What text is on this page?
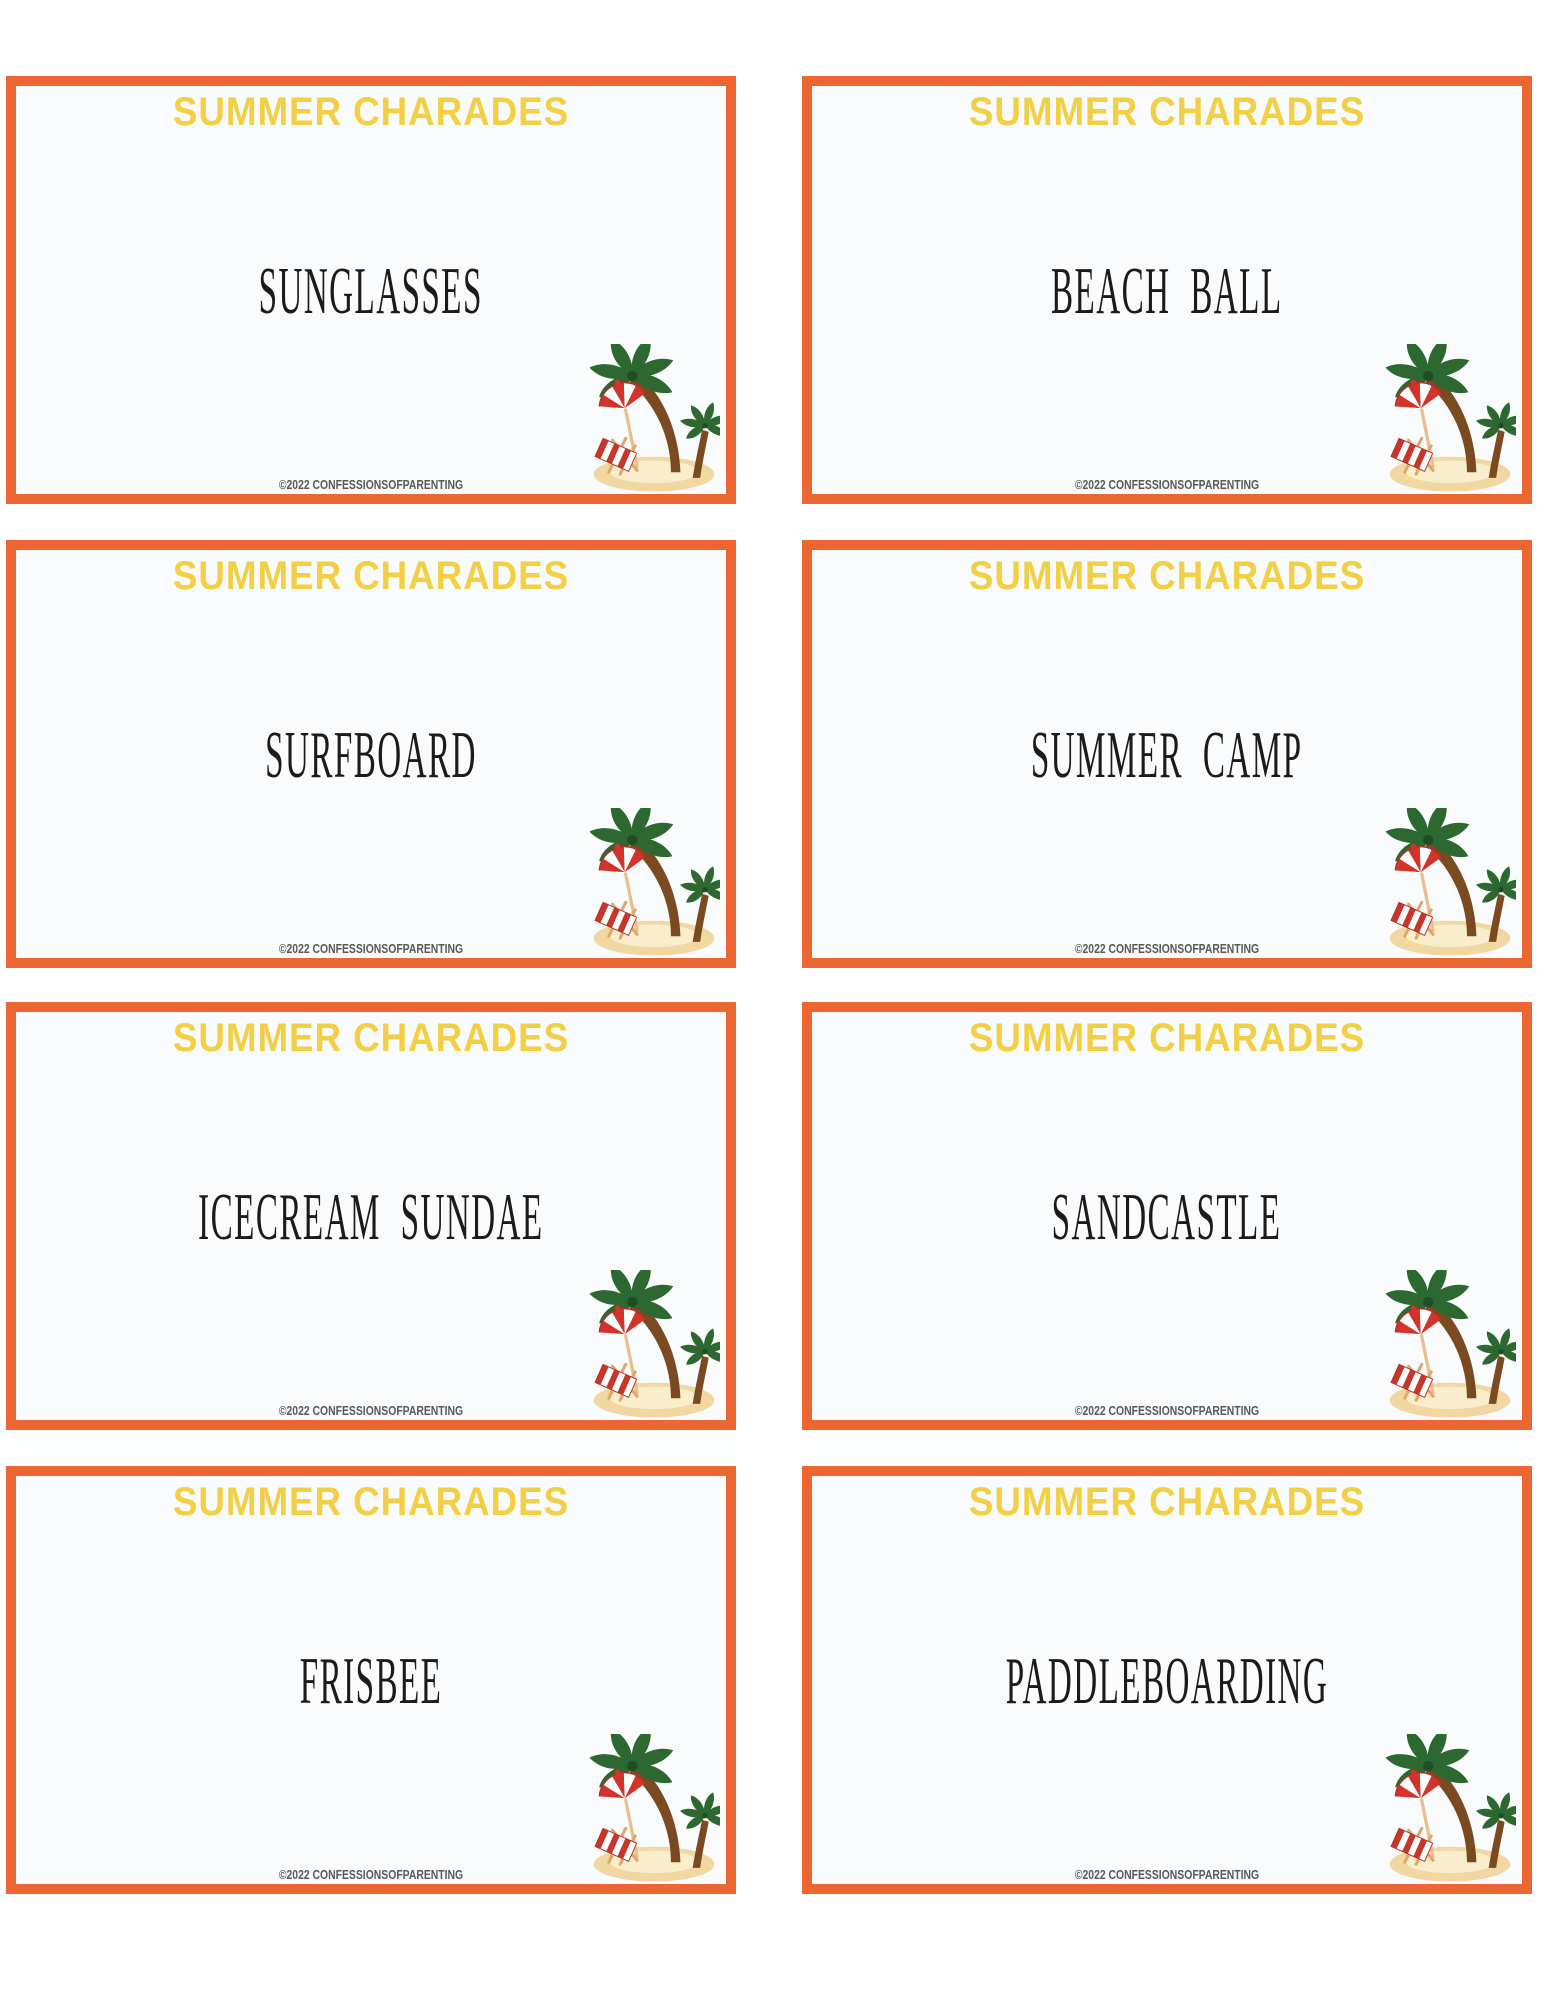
SUMMER CHARADES
SUNGLASSES
©2022 CONFESSIONSOFPARENTING
SUMMER CHARADES
BEACH BALL
©2022 CONFESSIONSOFPARENTING
SUMMER CHARADES
SURFBOARD
©2022 CONFESSIONSOFPARENTING
SUMMER CHARADES
SUMMER CAMP
©2022 CONFESSIONSOFPARENTING
SUMMER CHARADES
ICECREAM SUNDAE
©2022 CONFESSIONSOFPARENTING
SUMMER CHARADES
SANDCASTLE
©2022 CONFESSIONSOFPARENTING
SUMMER CHARADES
FRISBEE
©2022 CONFESSIONSOFPARENTING
SUMMER CHARADES
PADDLEBOARDING
©2022 CONFESSIONSOFPARENTING
